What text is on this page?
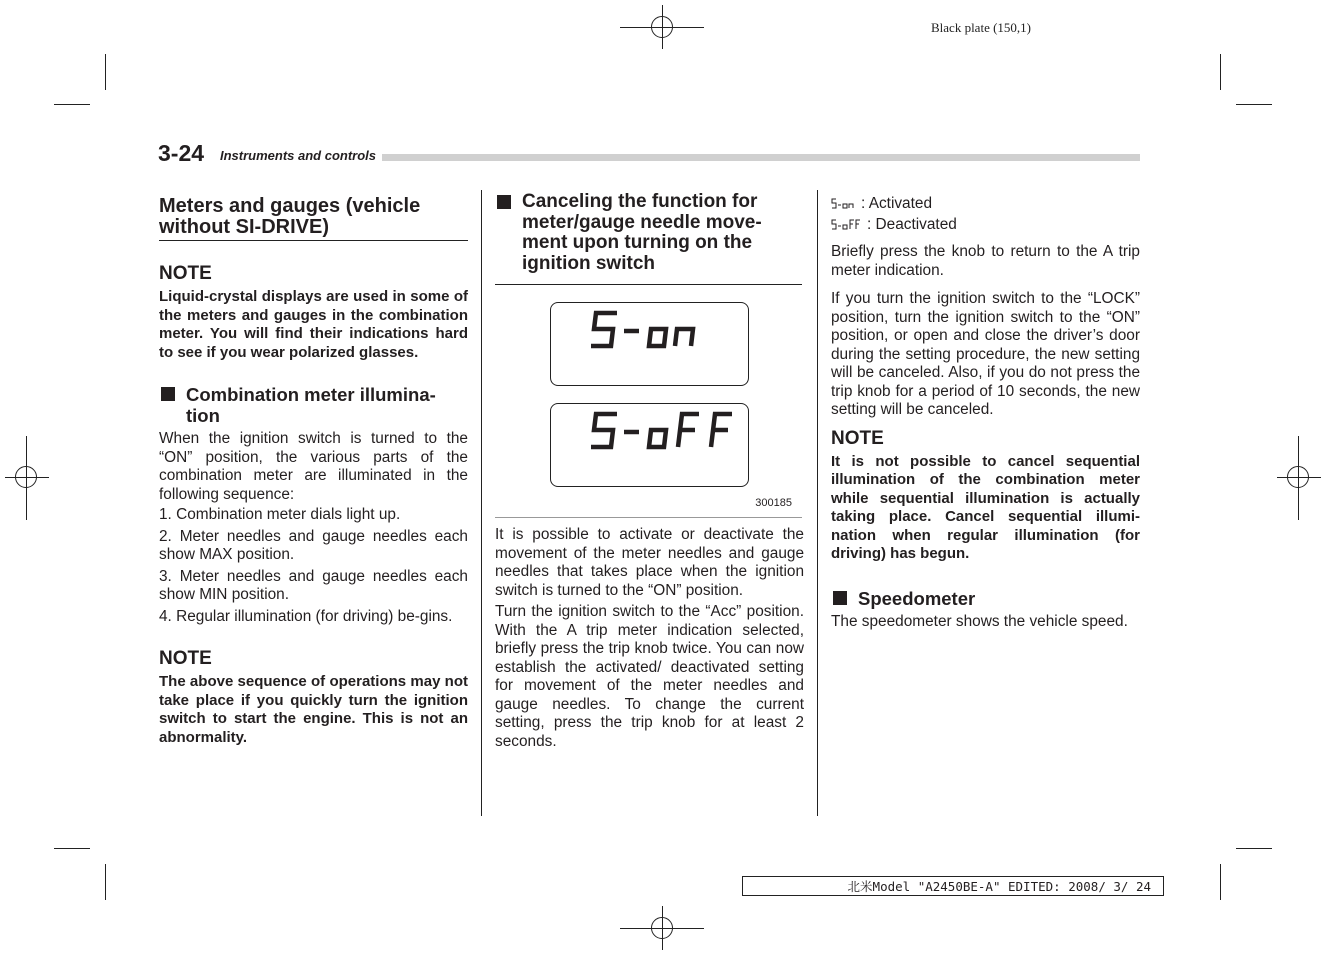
Black plate (150,1)
3-24 Instruments and controls
Meters and gauges (vehicle without SI-DRIVE)

NOTE

Liquid-crystal displays are used in some of the meters and gauges in the combination meter. You will find their indications hard to see if you wear polarized glasses.

Combination meter illumina-tion

When the ignition switch is turned to the “ON” position, the various parts of the combination meter are illuminated in the following sequence:

1. Combination meter dials light up.

2. Meter needles and gauge needles each show MAX position.

3. Meter needles and gauge needles each show MIN position.

4. Regular illumination (for driving) be-gins.

NOTE

The above sequence of operations may not take place if you quickly turn the ignition switch to start the engine. This is not an abnormality.

Canceling the function for meter/gauge needle move-ment upon turning on the ignition switch
300185

It is possible to activate or deactivate the movement of the meter needles and gauge needles that takes place when the ignition switch is turned to the “ON” position.

Turn the ignition switch to the “Acc” position. With the A trip meter indication selected, briefly press the trip knob twice. You can now establish the activated/ deactivated setting for movement of the meter needles and gauge needles. To change the current setting, press the trip knob for at least 2 seconds.

: Activated
: Deactivated

Briefly press the knob to return to the A trip meter indication.

If you turn the ignition switch to the “LOCK” position, turn the ignition switch to the “ON” position, or open and close the driver’s door during the setting procedure, the new setting will be canceled. Also, if you do not press the trip knob for a period of 10 seconds, the new setting will be canceled.

NOTE

It is not possible to cancel sequential illumination of the combination meter while sequential illumination is actually taking place. Cancel sequential illumi-nation when regular illumination (for driving) has begun.

Speedometer

The speedometer shows the vehicle speed.

北米Model "A2450BE-A" EDITED: 2008/ 3/ 24
